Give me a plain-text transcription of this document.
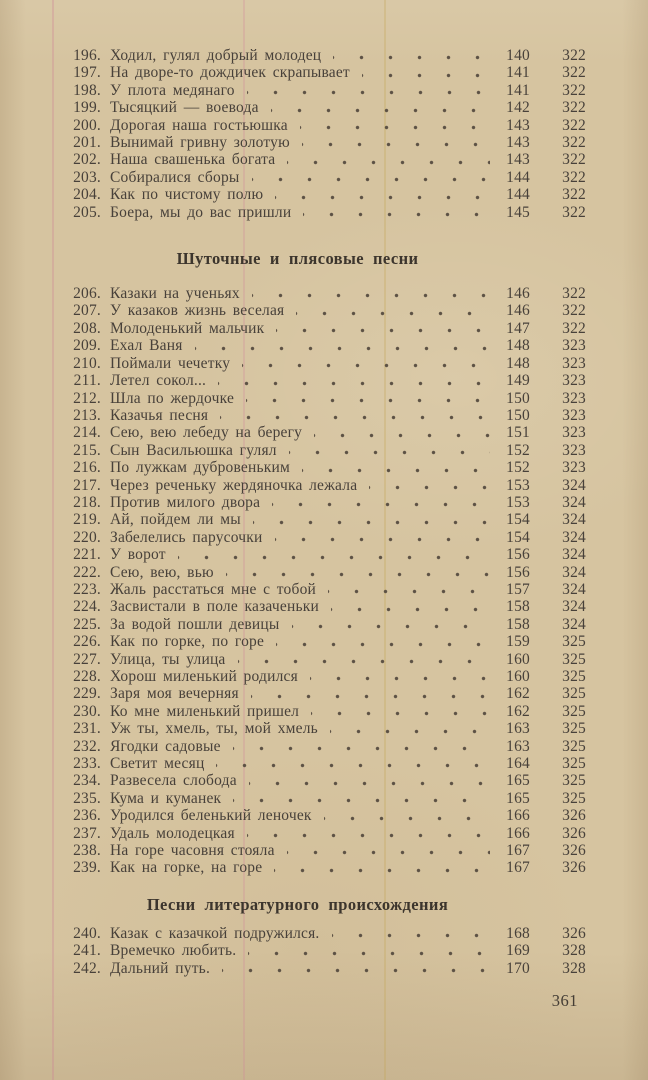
196. Ходил, гулял добрый молодец	140	322
197. На дворе-то дождичек скрапывает	141	322
198. У плота медянаго	141	322
199. Тысяцкий — воевода	142	322
200. Дорогая наша гостьюшка	143	322
201. Вынимай гривну золотую	143	322
202. Наша свашенька богата	143	322
203. Собиралися сборы	144	322
204. Как по чистому полю	144	322
205. Боера, мы до вас пришли	145	322
Шуточные и плясовые песни
206. Казаки на ученьях	146	322
207. У казаков жизнь веселая	146	322
208. Молоденький мальчик	147	322
209. Ехал Ваня	148	323
210. Поймали чечетку	148	323
211. Летел сокол...	149	323
212. Шла по жердочке	150	323
213. Казачья песня	150	323
214. Сею, вею лебеду на берегу	151	323
215. Сын Васильюшка гулял	152	323
216. По лужкам дубровеньким	152	323
217. Через реченьку жердяночка лежала	153	324
218. Против милого двора	153	324
219. Ай, пойдем ли мы	154	324
220. Забелелись парусочки	154	324
221. У ворот	156	324
222. Сею, вею, вью	156	324
223. Жаль расстаться мне с тобой	157	324
224. Засвистали в поле казаченьки	158	324
225. За водой пошли девицы	158	324
226. Как по горке, по горе	159	325
227. Улица, ты улица	160	325
228. Хорош миленький родился	160	325
229. Заря моя вечерняя	162	325
230. Ко мне миленький пришел	162	325
231. Уж ты, хмель, ты, мой хмель	163	325
232. Ягодки садовые	163	325
233. Светит месяц	164	325
234. Развесела слобода	165	325
235. Кума и куманек	165	325
236. Уродился беленький леночек	166	326
237. Удаль молодецкая	166	326
238. На горе часовня стояла	167	326
239. Как на горке, на горе	167	326
Песни литературного происхождения
240. Казак с казачкой подружился.	168	326
241. Времечко любить.	169	328
242. Дальний путь.	170	328
361
